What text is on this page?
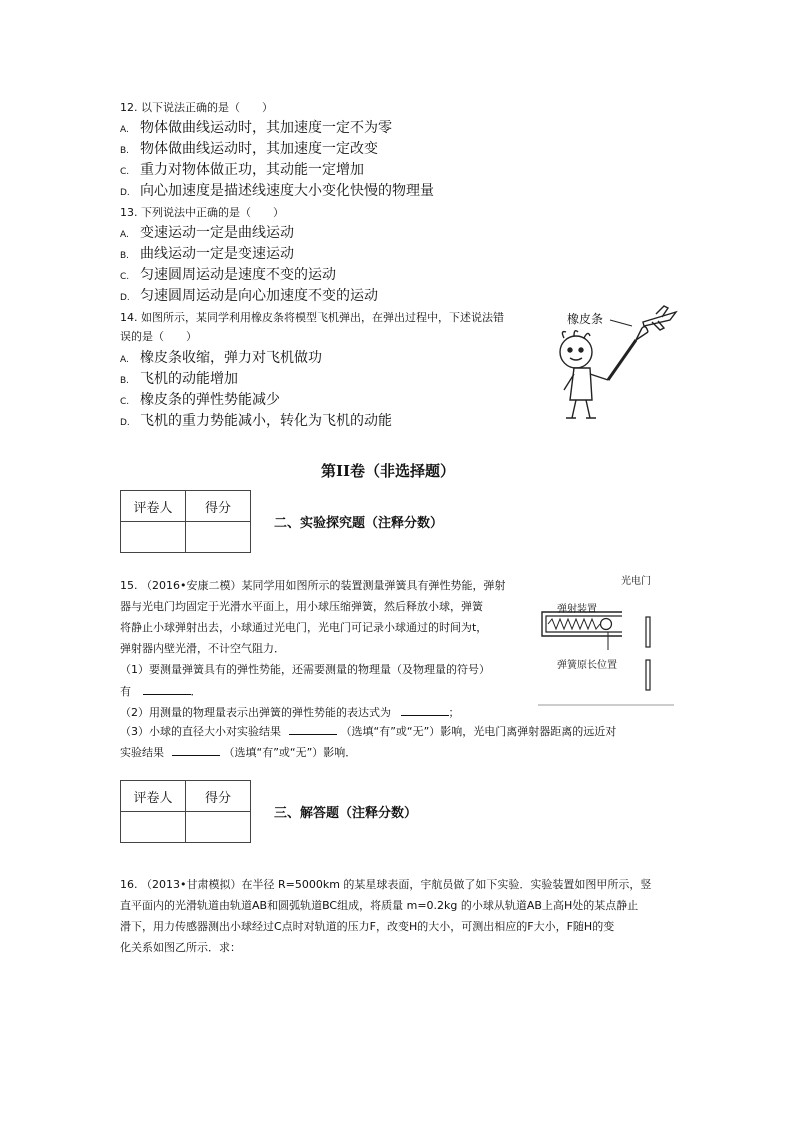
12. 以下说法正确的是（　　）
A. 物体做曲线运动时，其加速度一定不为零
B. 物体做曲线运动时，其加速度一定改变
C. 重力对物体做正功，其动能一定增加
D. 向心加速度是描述线速度大小变化快慢的物理量
13. 下列说法中正确的是（　　）
A. 变速运动一定是曲线运动
B. 曲线运动一定是变速运动
C. 匀速圆周运动是速度不变的运动
D. 匀速圆周运动是向心加速度不变的运动
14. 如图所示，某同学利用橡皮条将模型飞机弹出，在弹出过程中，下述说法错
误的是（　　）
A. 橡皮条收缩，弹力对飞机做功
B. 飞机的动能增加
C. 橡皮条的弹性势能减少
D. 飞机的重力势能减小，转化为飞机的动能
橡皮条
第II卷（非选择题）
评卷人	得分

二、实验探究题（注释分数）
15. （2016•安康二模）某同学用如图所示的装置测量弹簧具有弹性势能，弹射
器与光电门均固定于光滑水平面上，用小球压缩弹簧，然后释放小球，弹簧
将静止小球弹射出去，小球通过光电门，光电门可记录小球通过的时间为t，
弹射器内壁光滑，不计空气阻力．
（1）要测量弹簧具有的弹性势能，还需要测量的物理量（及物理量的符号）
有	．
（2）用测量的物理量表示出弹簧的弹性势能的表达式为	；
（3）小球的直径大小对实验结果	（选填“有”或“无”）影响，光电门离弹射器距离的远近对
实验结果	（选填“有”或“无”）影响．
光电门
弹射装置
弹簧原长位置
评卷人	得分

三、解答题（注释分数）
16. （2013•甘肃模拟）在半径 R=5000km 的某星球表面，宇航员做了如下实验．实验装置如图甲所示，竖
直平面内的光滑轨道由轨道AB和圆弧轨道BC组成，将质量 m=0.2kg 的小球从轨道AB上高H处的某点静止
滑下，用力传感器测出小球经过C点时对轨道的压力F，改变H的大小，可测出相应的F大小，F随H的变
化关系如图乙所示．求：
